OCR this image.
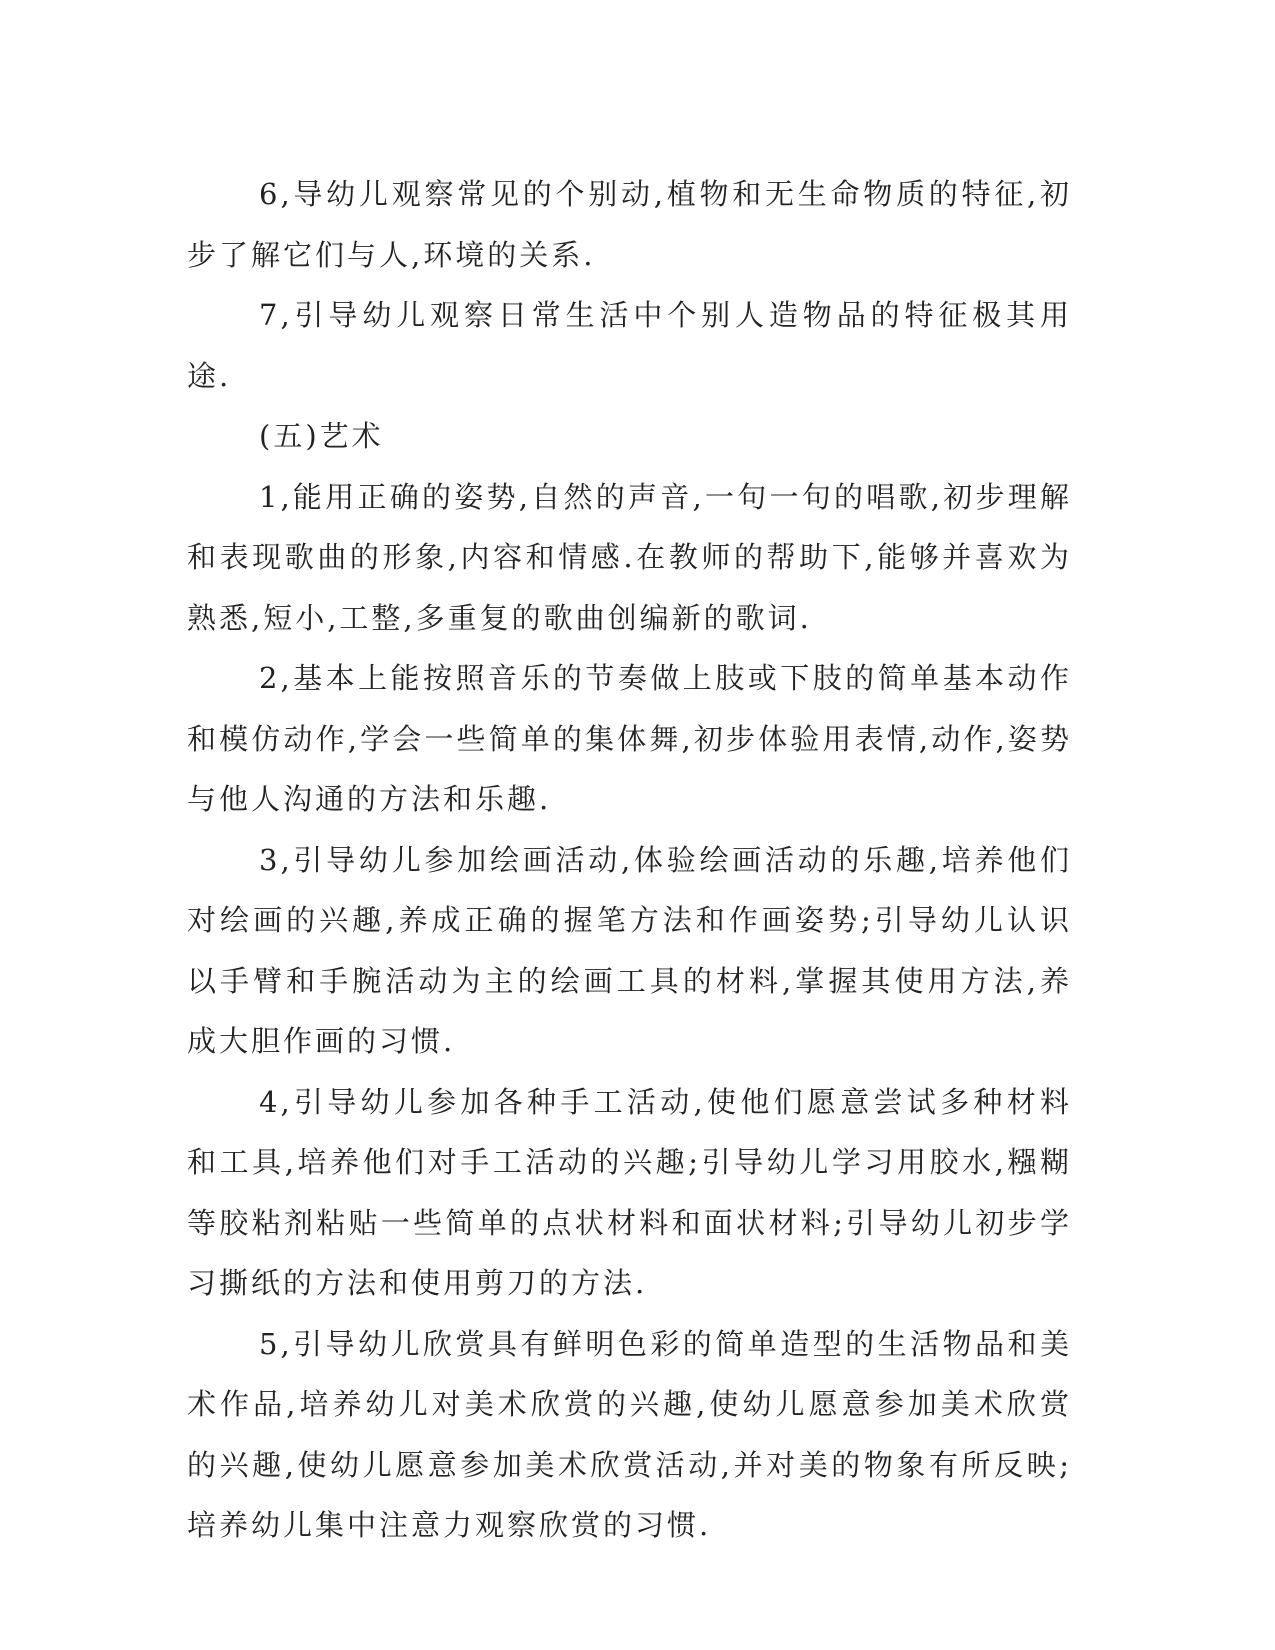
6,导幼儿观察常见的个别动,植物和无生命物质的特征,初步了解它们与人,环境的关系.

7,引导幼儿观察日常生活中个别人造物品的特征极其用途.

(五)艺术

1,能用正确的姿势,自然的声音,一句一句的唱歌,初步理解和表现歌曲的形象,内容和情感.在教师的帮助下,能够并喜欢为熟悉,短小,工整,多重复的歌曲创编新的歌词.

2,基本上能按照音乐的节奏做上肢或下肢的简单基本动作和模仿动作,学会一些简单的集体舞,初步体验用表情,动作,姿势与他人沟通的方法和乐趣.

3,引导幼儿参加绘画活动,体验绘画活动的乐趣,培养他们对绘画的兴趣,养成正确的握笔方法和作画姿势;引导幼儿认识以手臂和手腕活动为主的绘画工具的材料,掌握其使用方法,养成大胆作画的习惯.

4,引导幼儿参加各种手工活动,使他们愿意尝试多种材料和工具,培养他们对手工活动的兴趣;引导幼儿学习用胶水,糨糊等胶粘剂粘贴一些简单的点状材料和面状材料;引导幼儿初步学习撕纸的方法和使用剪刀的方法.

5,引导幼儿欣赏具有鲜明色彩的简单造型的生活物品和美术作品,培养幼儿对美术欣赏的兴趣,使幼儿愿意参加美术欣赏的兴趣,使幼儿愿意参加美术欣赏活动,并对美的物象有所反映;培养幼儿集中注意力观察欣赏的习惯.
